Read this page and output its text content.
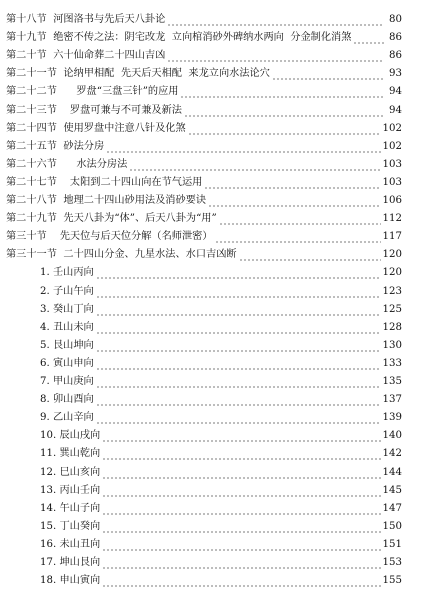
第十八节  河图洛书与先后天八卦论	80
第十九节  绝密不传之法：阴宅改龙  立向棺消砂外碑纳水两向  分金制化消煞	86
第二十节  六十仙命葬二十四山吉凶	86
第二十一节  论纳甲相配  先天后天相配  来龙立向水法论穴	93
第二十二节      罗盘“三盘三针”的应用	94
第二十三节    罗盘可兼与不可兼及新法	94
第二十四节  使用罗盘中注意八针及化煞	102
第二十五节  砂法分房	102
第二十六节      水法分房法	103
第二十七节    太阳到二十四山向在节气运用	103
第二十八节  地理二十四山砂用法及消砂要诀	106
第二十九节  先天八卦为“体”、后天八卦为“用”	112
第三十节    先天位与后天位分解（名师泄密）	117
第三十一节  二十四山分金、九星水法、水口吉凶断	120
1. 壬山丙向	120
2. 子山午向	123
3. 癸山丁向	125
4. 丑山未向	128
5. 艮山坤向	130
6. 寅山申向	133
7. 甲山庚向	135
8. 卯山酉向	137
9. 乙山辛向	139
10. 辰山戌向	140
11. 巽山乾向	142
12. 巳山亥向	144
13. 丙山壬向	145
14. 午山子向	147
15. 丁山癸向	150
16. 未山丑向	151
17. 坤山艮向	153
18. 申山寅向	155
